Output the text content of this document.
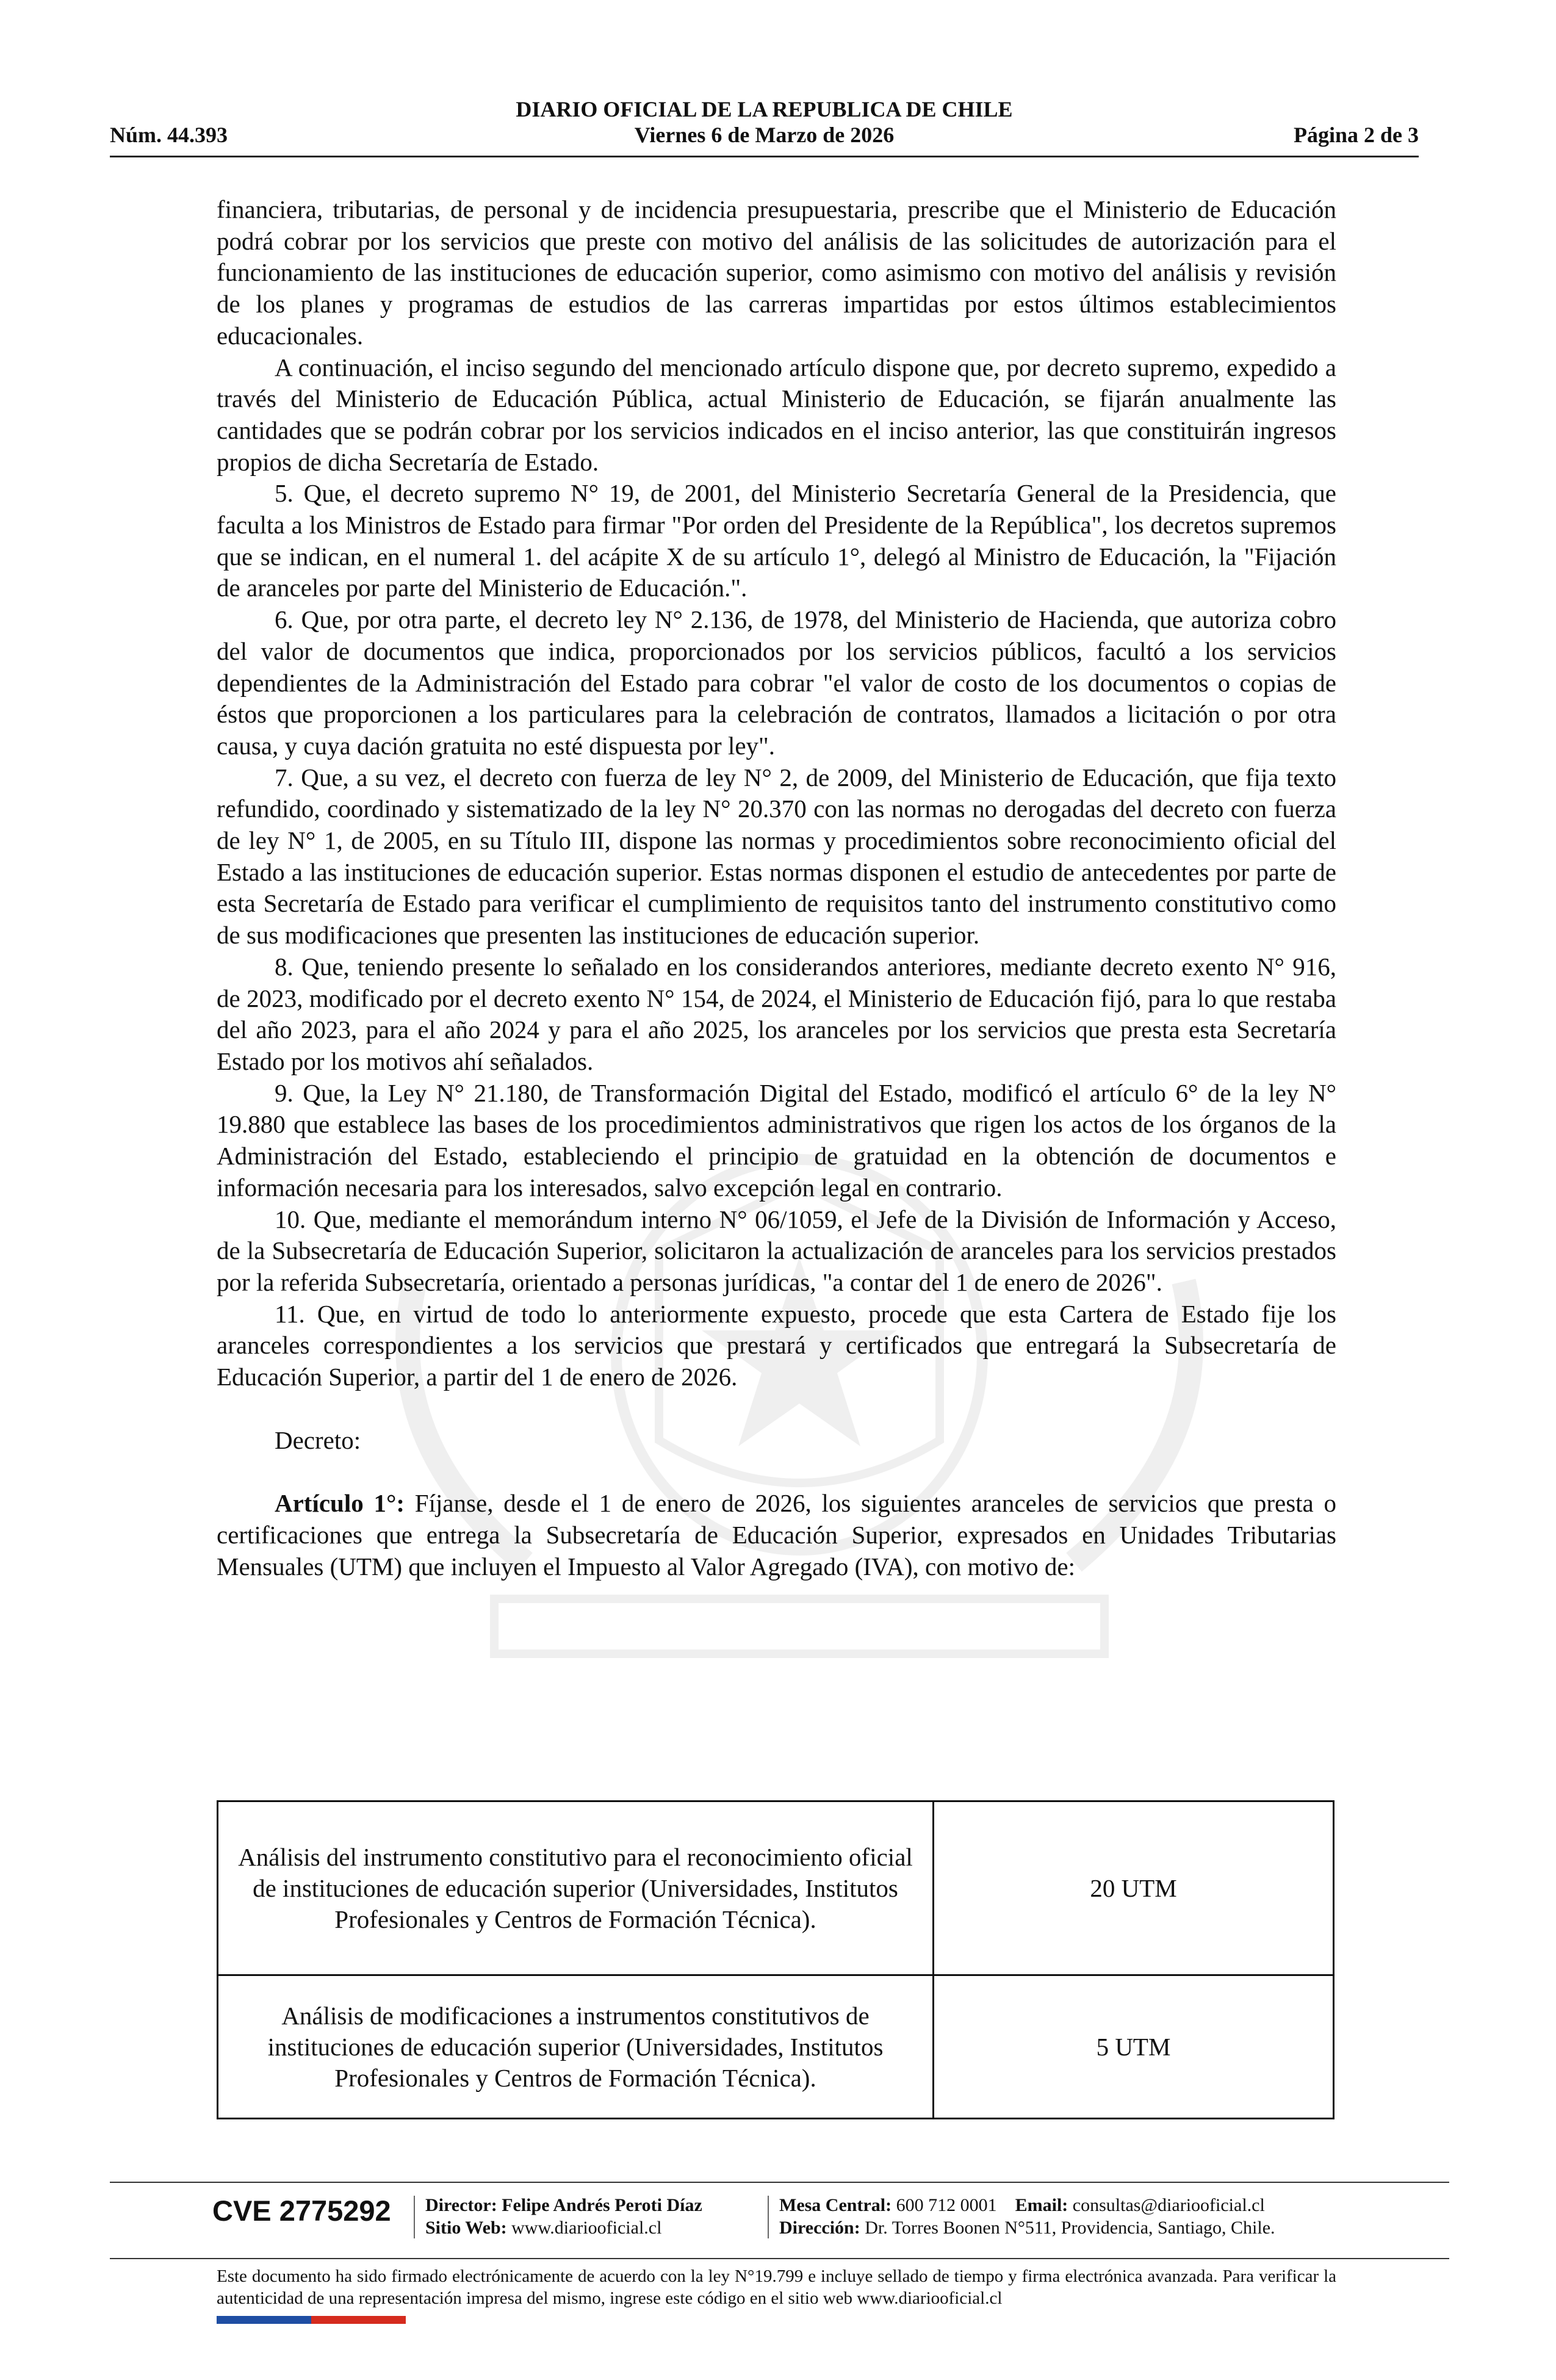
DIARIO OFICIAL DE LA REPUBLICA DE CHILE
Núm. 44.393	Viernes 6 de Marzo de 2026	Página 2 de 3

financiera, tributarias, de personal y de incidencia presupuestaria, prescribe que el Ministerio de Educación podrá cobrar por los servicios que preste con motivo del análisis de las solicitudes de autorización para el funcionamiento de las instituciones de educación superior, como asimismo con motivo del análisis y revisión de los planes y programas de estudios de las carreras impartidas por estos últimos establecimientos educacionales.

A continuación, el inciso segundo del mencionado artículo dispone que, por decreto supremo, expedido a través del Ministerio de Educación Pública, actual Ministerio de Educación, se fijarán anualmente las cantidades que se podrán cobrar por los servicios indicados en el inciso anterior, las que constituirán ingresos propios de dicha Secretaría de Estado.

5. Que, el decreto supremo N° 19, de 2001, del Ministerio Secretaría General de la Presidencia, que faculta a los Ministros de Estado para firmar "Por orden del Presidente de la República", los decretos supremos que se indican, en el numeral 1. del acápite X de su artículo 1°, delegó al Ministro de Educación, la "Fijación de aranceles por parte del Ministerio de Educación.".

6. Que, por otra parte, el decreto ley N° 2.136, de 1978, del Ministerio de Hacienda, que autoriza cobro del valor de documentos que indica, proporcionados por los servicios públicos, facultó a los servicios dependientes de la Administración del Estado para cobrar "el valor de costo de los documentos o copias de éstos que proporcionen a los particulares para la celebración de contratos, llamados a licitación o por otra causa, y cuya dación gratuita no esté dispuesta por ley".

7. Que, a su vez, el decreto con fuerza de ley N° 2, de 2009, del Ministerio de Educación, que fija texto refundido, coordinado y sistematizado de la ley N° 20.370 con las normas no derogadas del decreto con fuerza de ley N° 1, de 2005, en su Título III, dispone las normas y procedimientos sobre reconocimiento oficial del Estado a las instituciones de educación superior. Estas normas disponen el estudio de antecedentes por parte de esta Secretaría de Estado para verificar el cumplimiento de requisitos tanto del instrumento constitutivo como de sus modificaciones que presenten las instituciones de educación superior.

8. Que, teniendo presente lo señalado en los considerandos anteriores, mediante decreto exento N° 916, de 2023, modificado por el decreto exento N° 154, de 2024, el Ministerio de Educación fijó, para lo que restaba del año 2023, para el año 2024 y para el año 2025, los aranceles por los servicios que presta esta Secretaría Estado por los motivos ahí señalados.

9. Que, la Ley N° 21.180, de Transformación Digital del Estado, modificó el artículo 6° de la ley N° 19.880 que establece las bases de los procedimientos administrativos que rigen los actos de los órganos de la Administración del Estado, estableciendo el principio de gratuidad en la obtención de documentos e información necesaria para los interesados, salvo excepción legal en contrario.

10. Que, mediante el memorándum interno N° 06/1059, el Jefe de la División de Información y Acceso, de la Subsecretaría de Educación Superior, solicitaron la actualización de aranceles para los servicios prestados por la referida Subsecretaría, orientado a personas jurídicas, "a contar del 1 de enero de 2026".

11. Que, en virtud de todo lo anteriormente expuesto, procede que esta Cartera de Estado fije los aranceles correspondientes a los servicios que prestará y certificados que entregará la Subsecretaría de Educación Superior, a partir del 1 de enero de 2026.

Decreto:

Artículo 1°: Fíjanse, desde el 1 de enero de 2026, los siguientes aranceles de servicios que presta o certificaciones que entrega la Subsecretaría de Educación Superior, expresados en Unidades Tributarias Mensuales (UTM) que incluyen el Impuesto al Valor Agregado (IVA), con motivo de:

Análisis del instrumento constitutivo para el reconocimiento oficial de instituciones de educación superior (Universidades, Institutos Profesionales y Centros de Formación Técnica).	20 UTM
Análisis de modificaciones a instrumentos constitutivos de instituciones de educación superior (Universidades, Institutos Profesionales y Centros de Formación Técnica).	5 UTM
CVE 2775292 Director: Felipe Andrés Peroti Díaz
Sitio Web: www.diariooficial.cl
Mesa Central: 600 712 0001 Email: consultas@diariooficial.cl
Dirección: Dr. Torres Boonen N°511, Providencia, Santiago, Chile.
Este documento ha sido firmado electrónicamente de acuerdo con la ley N°19.799 e incluye sellado de tiempo y firma electrónica avanzada. Para verificar la autenticidad de una representación impresa del mismo, ingrese este código en el sitio web www.diariooficial.cl
